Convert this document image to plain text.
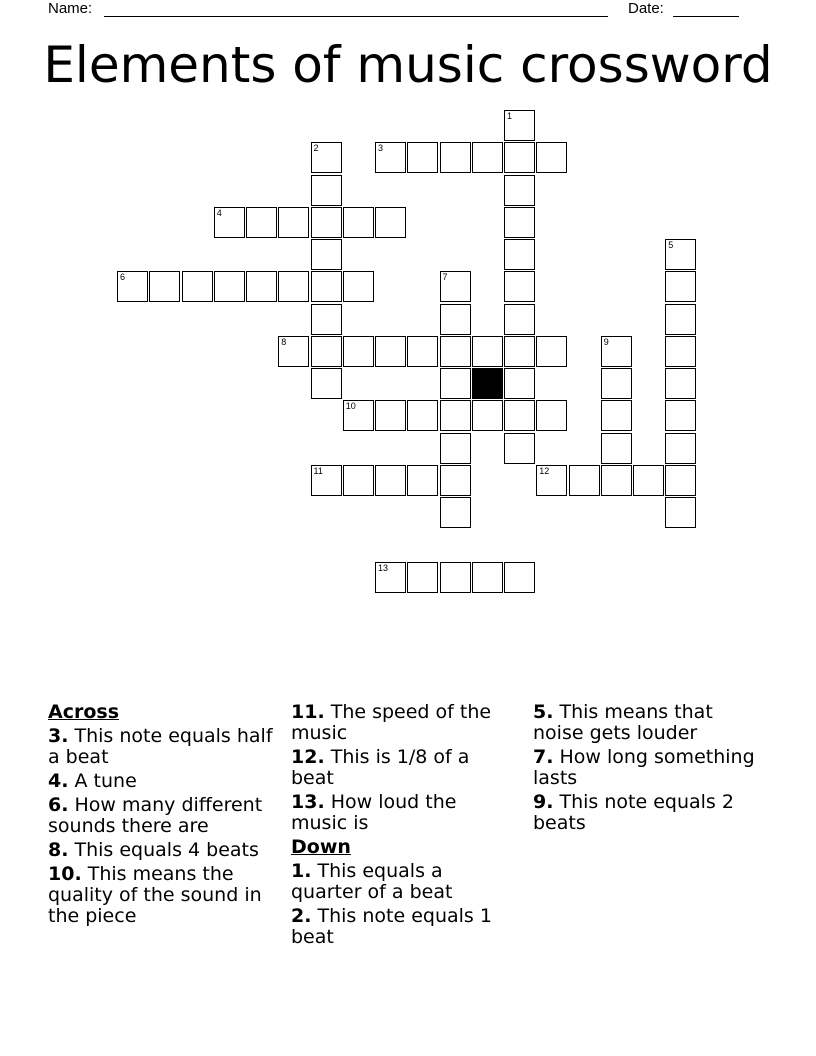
Name:	Date:
Elements of music crossword
1
2	3
4
5
6	7
8	9
10
11	12
13
Across
3. This note equals half a beat
4. A tune
6. How many different sounds there are
8. This equals 4 beats
10. This means the quality of the sound in the piece
11. The speed of the music
12. This is 1/8 of a beat
13. How loud the music is
Down
1. This equals a quarter of a beat
2. This note equals 1 beat
5. This means that noise gets louder
7. How long something lasts
9. This note equals 2 beats
